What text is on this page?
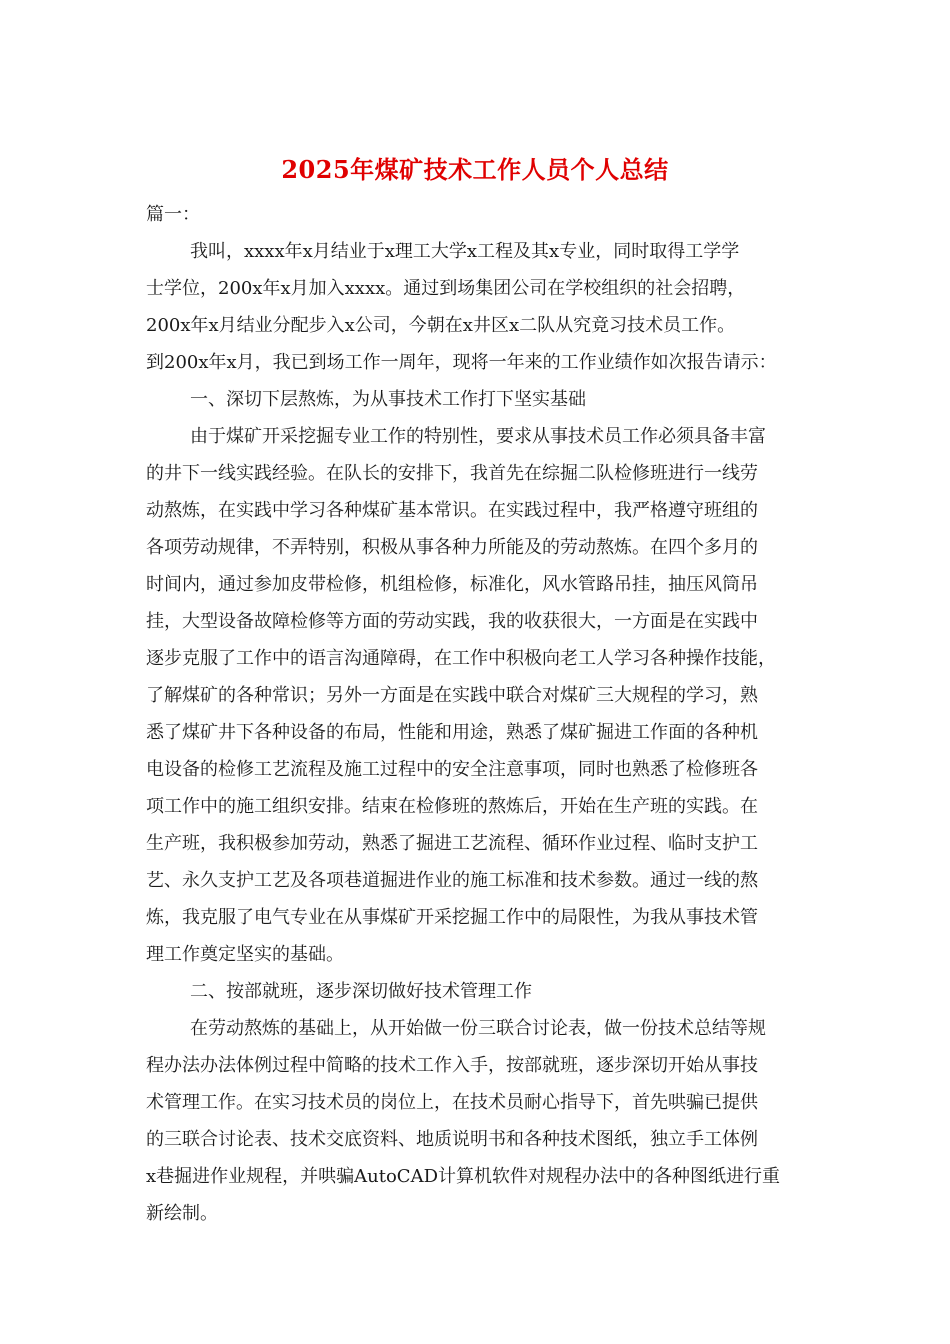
2025年煤矿技术工作人员个人总结
篇一：
我叫，xxxx年x月结业于x理工大学x工程及其x专业，同时取得工学学
士学位，200x年x月加入xxxx。通过到场集团公司在学校组织的社会招聘，
200x年x月结业分配步入x公司，今朝在x井区x二队从究竟习技术员工作。
到200x年x月，我已到场工作一周年，现将一年来的工作业绩作如次报告请示：
一、深切下层熬炼，为从事技术工作打下坚实基础
由于煤矿开采挖掘专业工作的特别性，要求从事技术员工作必须具备丰富
的井下一线实践经验。在队长的安排下，我首先在综掘二队检修班进行一线劳
动熬炼，在实践中学习各种煤矿基本常识。在实践过程中，我严格遵守班组的
各项劳动规律，不弄特别，积极从事各种力所能及的劳动熬炼。在四个多月的
时间内，通过参加皮带检修，机组检修，标准化，风水管路吊挂，抽压风筒吊
挂，大型设备故障检修等方面的劳动实践，我的收获很大，一方面是在实践中
逐步克服了工作中的语言沟通障碍，在工作中积极向老工人学习各种操作技能，
了解煤矿的各种常识；另外一方面是在实践中联合对煤矿三大规程的学习，熟
悉了煤矿井下各种设备的布局，性能和用途，熟悉了煤矿掘进工作面的各种机
电设备的检修工艺流程及施工过程中的安全注意事项，同时也熟悉了检修班各
项工作中的施工组织安排。结束在检修班的熬炼后，开始在生产班的实践。在
生产班，我积极参加劳动，熟悉了掘进工艺流程、循环作业过程、临时支护工
艺、永久支护工艺及各项巷道掘进作业的施工标准和技术参数。通过一线的熬
炼，我克服了电气专业在从事煤矿开采挖掘工作中的局限性，为我从事技术管
理工作奠定坚实的基础。
二、按部就班，逐步深切做好技术管理工作
在劳动熬炼的基础上，从开始做一份三联合讨论表，做一份技术总结等规
程办法办法体例过程中简略的技术工作入手，按部就班，逐步深切开始从事技
术管理工作。在实习技术员的岗位上，在技术员耐心指导下，首先哄骗已提供
的三联合讨论表、技术交底资料、地质说明书和各种技术图纸，独立手工体例
x巷掘进作业规程，并哄骗AutoCAD计算机软件对规程办法中的各种图纸进行重
新绘制。
